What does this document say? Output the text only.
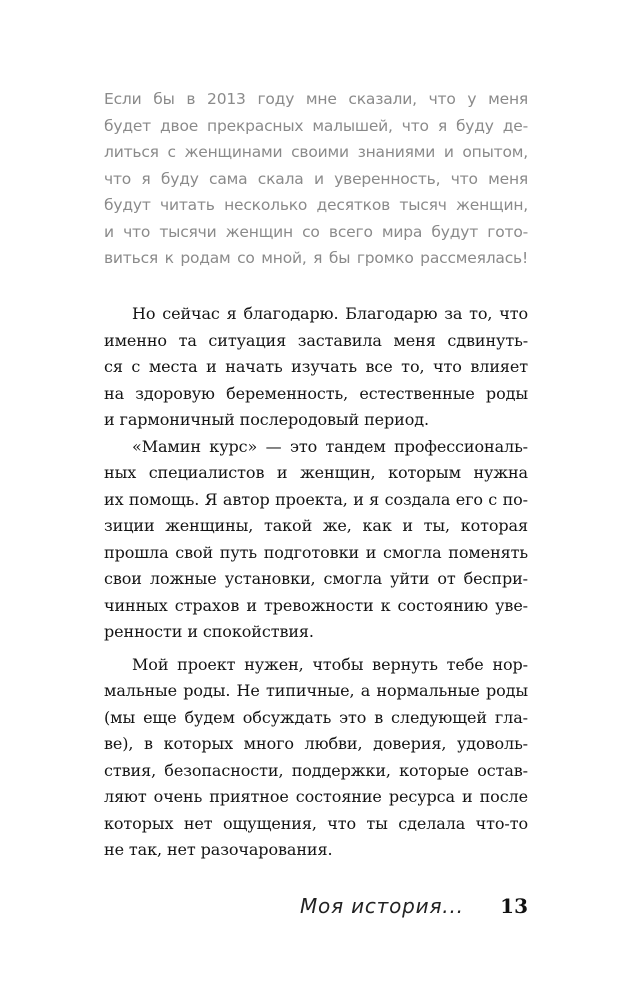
Если бы в 2013 году мне сказали, что у меня
будет двое прекрасных малышей, что я буду де-
литься с женщинами своими знаниями и опытом,
что я буду сама скала и уверенность, что меня
будут читать несколько десятков тысяч женщин,
и что тысячи женщин со всего мира будут гото-
виться к родам со мной, я бы громко рассмеялась!
Но сейчас я благодарю. Благодарю за то, что
именно та ситуация заставила меня сдвинуть-
ся с места и начать изучать все то, что влияет
на здоровую беременность, естественные роды
и гармоничный послеродовый период.
«Мамин курс» — это тандем профессиональ-
ных специалистов и женщин, которым нужна
их помощь. Я автор проекта, и я создала его с по-
зиции женщины, такой же, как и ты, которая
прошла свой путь подготовки и смогла поменять
свои ложные установки, смогла уйти от беспри-
чинных страхов и тревожности к состоянию уве-
ренности и спокойствия.
Мой проект нужен, чтобы вернуть тебе нор-
мальные роды. Не типичные, а нормальные роды
(мы еще будем обсуждать это в следующей гла-
ве), в которых много любви, доверия, удоволь-
ствия, безопасности, поддержки, которые остав-
ляют очень приятное состояние ресурса и после
которых нет ощущения, что ты сделала что-то
не так, нет разочарования.
Моя история... 13
